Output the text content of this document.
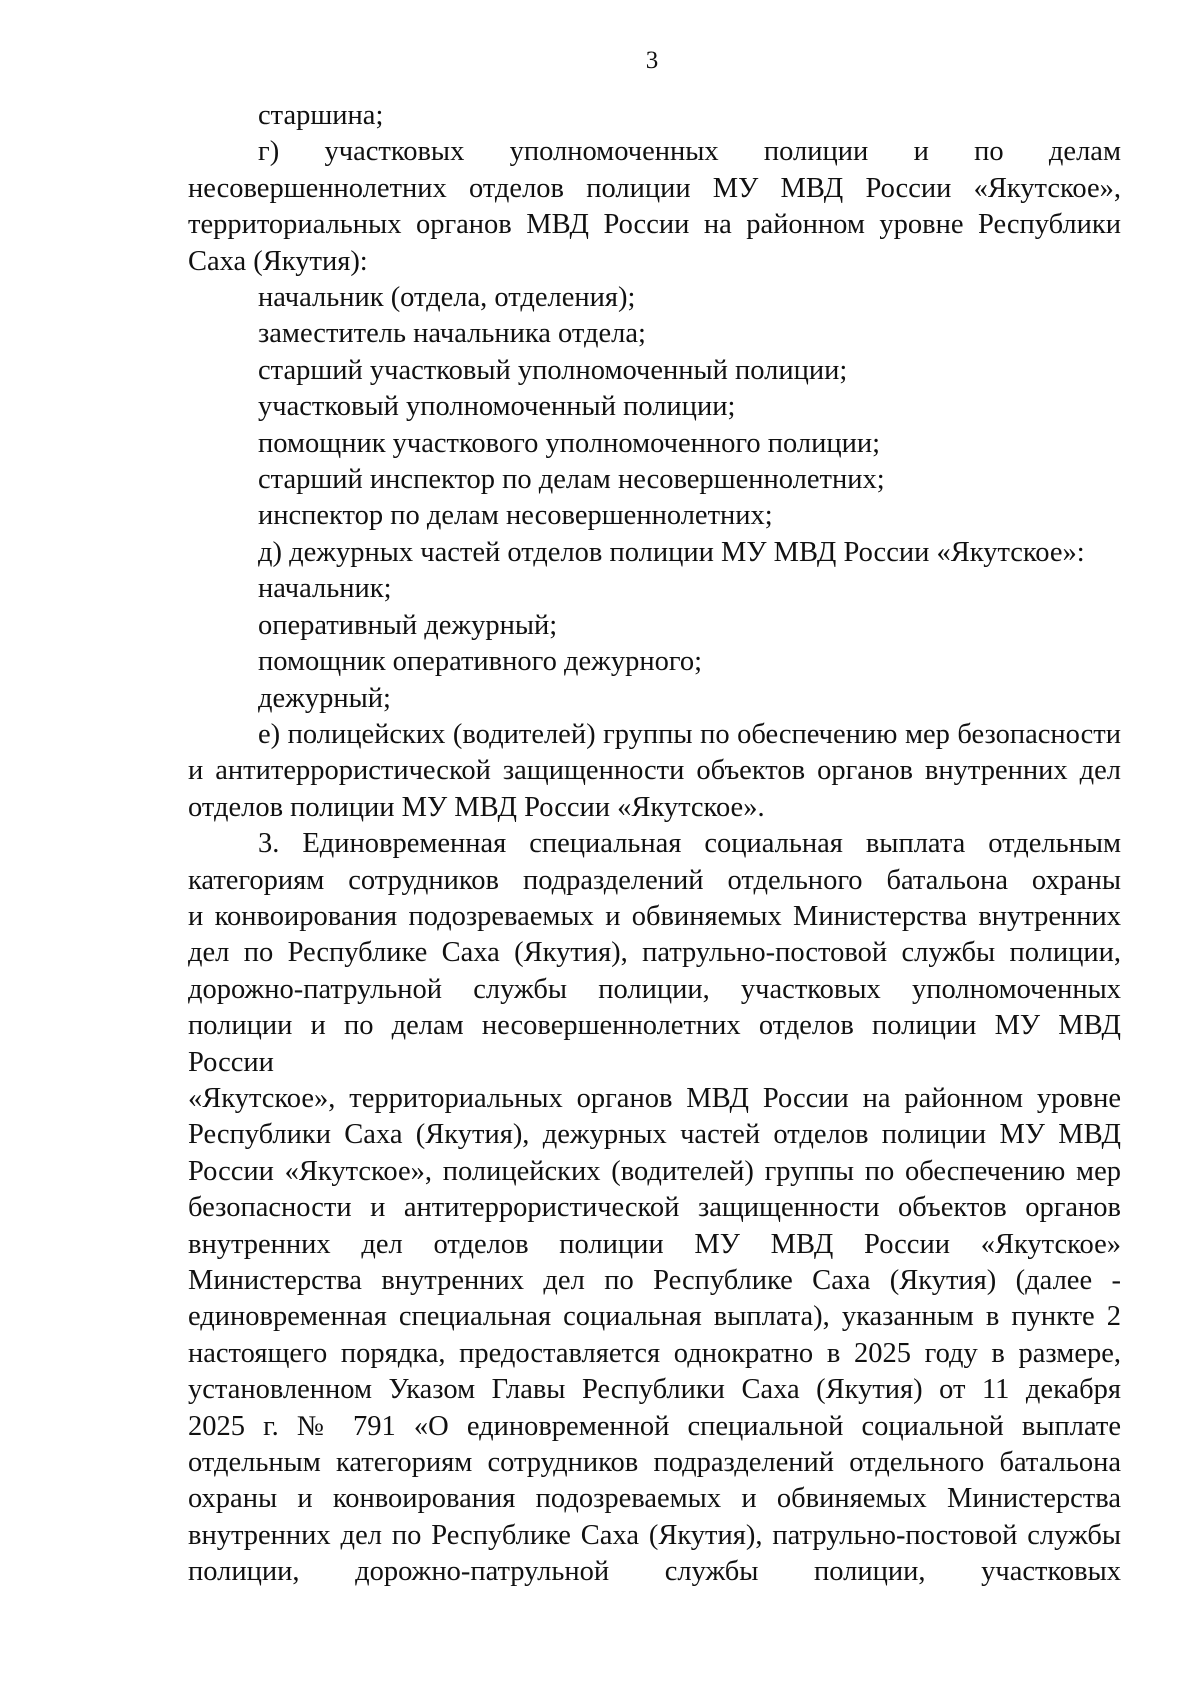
3
старшина;
г) участковых уполномоченных полиции и по делам
несовершеннолетних отделов полиции МУ МВД России «Якутское»,
территориальных органов МВД России на районном уровне Республики
Саха (Якутия):
начальник (отдела, отделения);
заместитель начальника отдела;
старший участковый уполномоченный полиции;
участковый уполномоченный полиции;
помощник участкового уполномоченного полиции;
старший инспектор по делам несовершеннолетних;
инспектор по делам несовершеннолетних;
д) дежурных частей отделов полиции МУ МВД России «Якутское»:
начальник;
оперативный дежурный;
помощник оперативного дежурного;
дежурный;
е) полицейских (водителей) группы по обеспечению мер безопасности
и антитеррористической защищенности объектов органов внутренних дел
отделов полиции МУ МВД России «Якутское».
3. Единовременная специальная социальная выплата отдельным
категориям сотрудников подразделений отдельного батальона охраны
и конвоирования подозреваемых и обвиняемых Министерства внутренних
дел по Республике Саха (Якутия), патрульно-постовой службы полиции,
дорожно-патрульной службы полиции, участковых уполномоченных
полиции и по делам несовершеннолетних отделов полиции МУ МВД России
«Якутское», территориальных органов МВД России на районном уровне
Республики Саха (Якутия), дежурных частей отделов полиции МУ МВД
России «Якутское», полицейских (водителей) группы по обеспечению мер
безопасности и антитеррористической защищенности объектов органов
внутренних дел отделов полиции МУ МВД России «Якутское»
Министерства внутренних дел по Республике Саха (Якутия) (далее -
единовременная специальная социальная выплата), указанным в пункте 2
настоящего порядка, предоставляется однократно в 2025 году в размере,
установленном Указом Главы Республики Саха (Якутия) от 11 декабря
2025 г. № 791 «О единовременной специальной социальной выплате
отдельным категориям сотрудников подразделений отдельного батальона
охраны и конвоирования подозреваемых и обвиняемых Министерства
внутренних дел по Республике Саха (Якутия), патрульно-постовой службы
полиции, дорожно-патрульной службы полиции, участковых
